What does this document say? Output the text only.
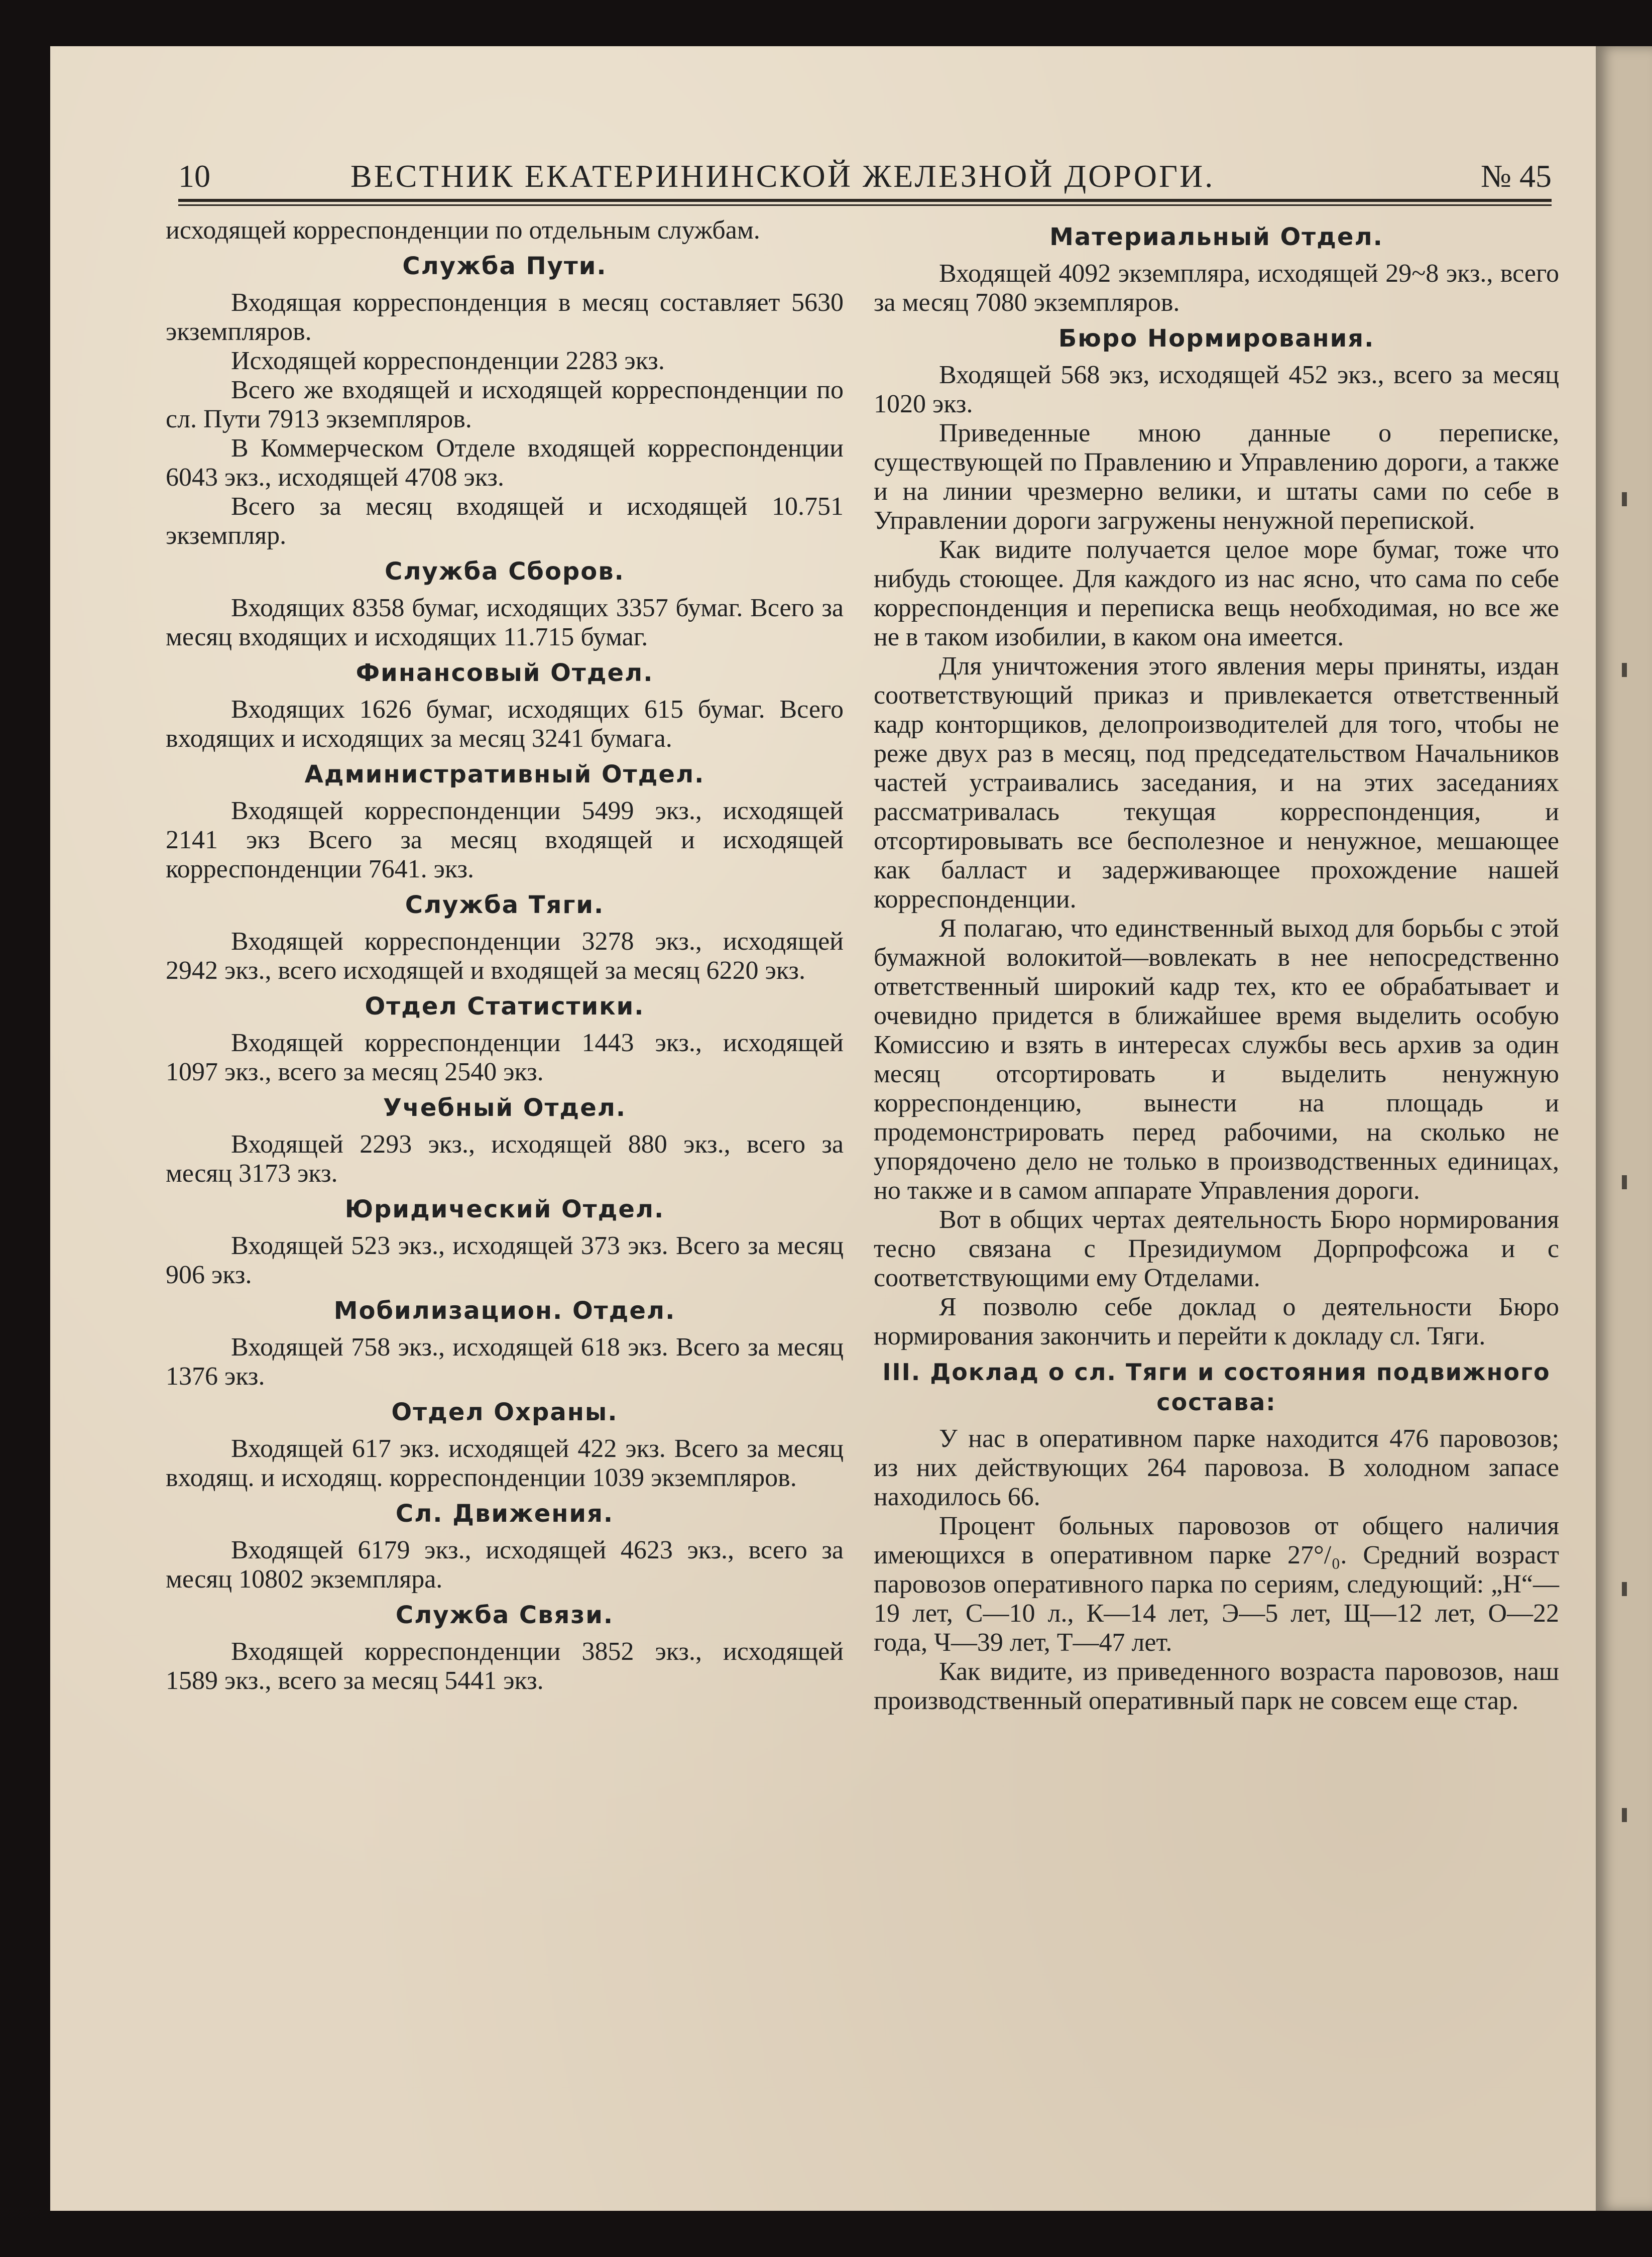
10	ВЕСТНИК ЕКАТЕРИНИНСКОЙ ЖЕЛЕЗНОЙ ДОРОГИ.	№ 45

исходящей корреспонденции по отдельным службам.

Служба Пути.

Входящая корреспонденция в месяц составляет 5630 экземпляров.

Исходящей корреспонденции 2283 экз.

Всего же входящей и исходящей корреспонденции по сл. Пути 7913 экземпляров.

В Коммерческом Отделе входящей корреспонденции 6043 экз., исходящей 4708 экз.

Всего за месяц входящей и исходящей 10.751 экземпляр.

Служба Сборов.

Входящих 8358 бумаг, исходящих 3357 бумаг. Всего за месяц входящих и исходящих 11.715 бумаг.

Финансовый Отдел.

Входящих 1626 бумаг, исходящих 615 бумаг. Всего входящих и исходящих за месяц 3241 бумага.

Административный Отдел.

Входящей корреспонденции 5499 экз., исходящей 2141 экз Всего за месяц входящей и исходящей корреспонденции 7641. экз.

Служба Тяги.

Входящей корреспонденции 3278 экз., исходящей 2942 экз., всего исходящей и входящей за месяц 6220 экз.

Отдел Статистики.

Входящей корреспонденции 1443 экз., исходящей 1097 экз., всего за месяц 2540 экз.

Учебный Отдел.

Входящей 2293 экз., исходящей 880 экз., всего за месяц 3173 экз.

Юридический Отдел.

Входящей 523 экз., исходящей 373 экз. Всего за месяц 906 экз.

Мобилизацион. Отдел.

Входящей 758 экз., исходящей 618 экз. Всего за месяц 1376 экз.

Отдел Охраны.

Входящей 617 экз. исходящей 422 экз. Всего за месяц входящ. и исходящ. корреспонденции 1039 экземпляров.

Сл. Движения.

Входящей 6179 экз., исходящей 4623 экз., всего за месяц 10802 экземпляра.

Служба Связи.

Входящей корреспонденции 3852 экз., исходящей 1589 экз., всего за месяц 5441 экз.

Материальный Отдел.

Входящей 4092 экземпляра, исходящей 29~8 экз., всего за месяц 7080 экземпляров.

Бюро Нормирования.

Входящей 568 экз, исходящей 452 экз., всего за месяц 1020 экз.

Приведенные мною данные о переписке, существующей по Правлению и Управлению дороги, а также и на линии чрезмерно велики, и штаты сами по себе в Управлении дороги загружены ненужной перепиской.

Как видите получается целое море бумаг, тоже что нибудь стоющее. Для каждого из нас ясно, что сама по себе корреспонденция и переписка вещь необходимая, но все же не в таком изобилии, в каком она имеется.

Для уничтожения этого явления меры приняты, издан соответствующий приказ и привлекается ответственный кадр конторщиков, делопроизводителей для того, чтобы не реже двух раз в месяц, под председательством Начальников частей устраивались заседания, и на этих заседаниях рассматривалась текущая корреспонденция, и отсортировывать все бесполезное и ненужное, мешающее как балласт и задерживающее прохождение нашей корреспонденции.

Я полагаю, что единственный выход для борьбы с этой бумажной волокитой—вовлекать в нее непосредственно ответственный широкий кадр тех, кто ее обрабатывает и очевидно придется в ближайшее время выделить особую Комиссию и взять в интересах службы весь архив за один месяц отсортировать и выделить ненужную корреспонденцию, вынести на площадь и продемонстрировать перед рабочими, на сколько не упорядочено дело не только в производственных единицах, но также и в самом аппарате Управления дороги.

Вот в общих чертах деятельность Бюро нормирования тесно связана с Президиумом Дорпрофсожа и с соответствующими ему Отделами.

Я позволю себе доклад о деятельности Бюро нормирования закончить и перейти к докладу сл. Тяги.

III. Доклад о сл. Тяги и состояния подвижного состава:

У нас в оперативном парке находится 476 паровозов; из них действующих 264 паровоза. В холодном запасе находилось 66.

Процент больных паровозов от общего наличия имеющихся в оперативном парке 27°/₀. Средний возраст паровозов оперативного парка по сериям, следующий: „Н“—19 лет, С—10 л., К—14 лет, Э—5 лет, Щ—12 лет, О—22 года, Ч—39 лет, Т—47 лет.

Как видите, из приведенного возраста паровозов, наш производственный оперативный парк не совсем еще стар.
